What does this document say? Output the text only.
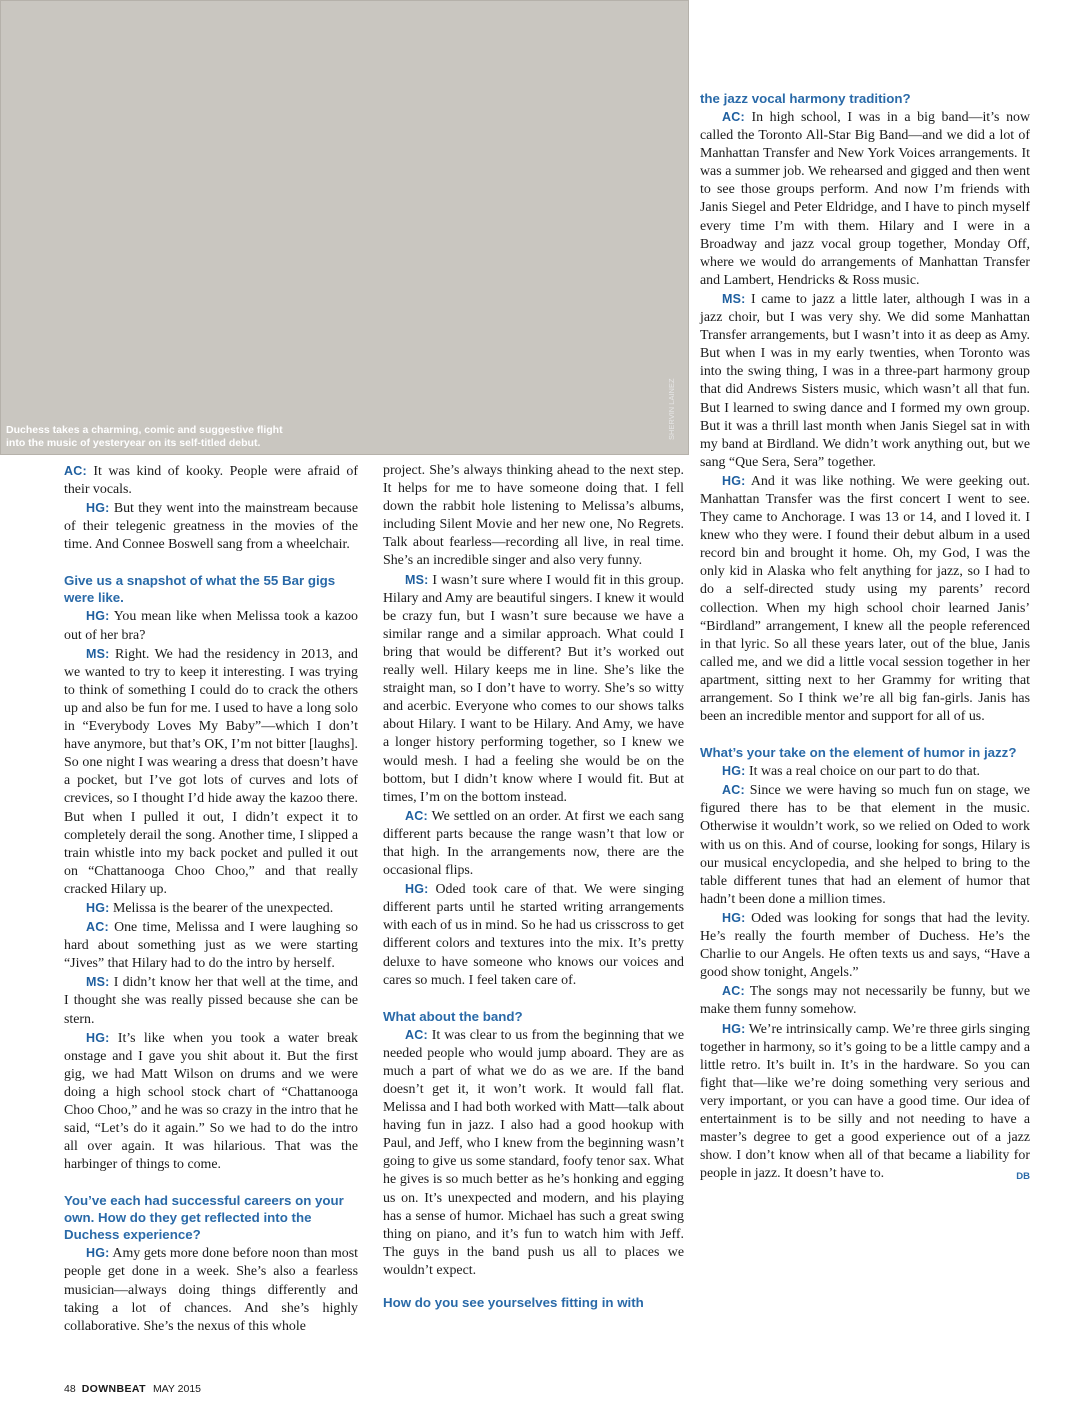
Duchess takes a charming, comic and suggestive flight into the music of yesteryear on its self-titled debut.
SHERVIN LAINEZ

AC: It was kind of kooky. People were afraid of their vocals.

HG: But they went into the mainstream because of their telegenic greatness in the movies of the time. And Connee Boswell sang from a wheelchair.

Give us a snapshot of what the 55 Bar gigs were like.

HG: You mean like when Melissa took a kazoo out of her bra?

MS: Right. We had the residency in 2013, and we wanted to try to keep it interesting. I was trying to think of something I could do to crack the others up and also be fun for me. I used to have a long solo in “Everybody Loves My Baby”—which I don’t have anymore, but that’s OK, I’m not bitter [laughs]. So one night I was wearing a dress that doesn’t have a pocket, but I’ve got lots of curves and lots of crevices, so I thought I’d hide away the kazoo there. But when I pulled it out, I didn’t expect it to completely derail the song. Another time, I slipped a train whistle into my back pocket and pulled it out on “Chattanooga Choo Choo,” and that really cracked Hilary up.

HG: Melissa is the bearer of the unexpected.

AC: One time, Melissa and I were laughing so hard about something just as we were starting “Jives” that Hilary had to do the intro by herself.

MS: I didn’t know her that well at the time, and I thought she was really pissed because she can be stern.

HG: It’s like when you took a water break onstage and I gave you shit about it. But the first gig, we had Matt Wilson on drums and we were doing a high school stock chart of “Chattanooga Choo Choo,” and he was so crazy in the intro that he said, “Let’s do it again.” So we had to do the intro all over again. It was hilarious. That was the harbinger of things to come.

You’ve each had successful careers on your own. How do they get reflected into the Duchess experience?

HG: Amy gets more done before noon than most people get done in a week. She’s also a fearless musician—always doing things differently and taking a lot of chances. And she’s highly collaborative. She’s the nexus of this whole

project. She’s always thinking ahead to the next step. It helps for me to have someone doing that. I fell down the rabbit hole listening to Melissa’s albums, including Silent Movie and her new one, No Regrets. Talk about fearless—recording all live, in real time. She’s an incredible singer and also very funny.

MS: I wasn’t sure where I would fit in this group. Hilary and Amy are beautiful singers. I knew it would be crazy fun, but I wasn’t sure because we have a similar range and a similar approach. What could I bring that would be different? But it’s worked out really well. Hilary keeps me in line. She’s like the straight man, so I don’t have to worry. She’s so witty and acerbic. Everyone who comes to our shows talks about Hilary. I want to be Hilary. And Amy, we have a longer history performing together, so I knew we would mesh. I had a feeling she would be on the bottom, but I didn’t know where I would fit. But at times, I’m on the bottom instead.

AC: We settled on an order. At first we each sang different parts because the range wasn’t that low or that high. In the arrangements now, there are the occasional flips.

HG: Oded took care of that. We were singing different parts until he started writing arrangements with each of us in mind. So he had us crisscross to get different colors and textures into the mix. It’s pretty deluxe to have someone who knows our voices and cares so much. I feel taken care of.

What about the band?

AC: It was clear to us from the beginning that we needed people who would jump aboard. They are as much a part of what we do as we are. If the band doesn’t get it, it won’t work. It would fall flat. Melissa and I had both worked with Matt—talk about having fun in jazz. I also had a good hookup with Paul, and Jeff, who I knew from the beginning wasn’t going to give us some standard, foofy tenor sax. What he gives is so much better as he’s honking and egging us on. It’s unexpected and modern, and his playing has a sense of humor. Michael has such a great swing thing on piano, and it’s fun to watch him with Jeff. The guys in the band push us all to places we wouldn’t expect.

How do you see yourselves fitting in with
the jazz vocal harmony tradition?

AC: In high school, I was in a big band—it’s now called the Toronto All-Star Big Band—and we did a lot of Manhattan Transfer and New York Voices arrangements. It was a summer job. We rehearsed and gigged and then went to see those groups perform. And now I’m friends with Janis Siegel and Peter Eldridge, and I have to pinch myself every time I’m with them. Hilary and I were in a Broadway and jazz vocal group together, Monday Off, where we would do arrangements of Manhattan Transfer and Lambert, Hendricks & Ross music.

MS: I came to jazz a little later, although I was in a jazz choir, but I was very shy. We did some Manhattan Transfer arrangements, but I wasn’t into it as deep as Amy. But when I was in my early twenties, when Toronto was into the swing thing, I was in a three-part harmony group that did Andrews Sisters music, which wasn’t all that fun. But I learned to swing dance and I formed my own group. But it was a thrill last month when Janis Siegel sat in with my band at Birdland. We didn’t work anything out, but we sang “Que Sera, Sera” together.

HG: And it was like nothing. We were geeking out. Manhattan Transfer was the first concert I went to see. They came to Anchorage. I was 13 or 14, and I loved it. I knew who they were. I found their debut album in a used record bin and brought it home. Oh, my God, I was the only kid in Alaska who felt anything for jazz, so I had to do a self-directed study using my parents’ record collection. When my high school choir learned Janis’ “Birdland” arrangement, I knew all the people referenced in that lyric. So all these years later, out of the blue, Janis called me, and we did a little vocal session together in her apartment, sitting next to her Grammy for writing that arrangement. So I think we’re all big fan-girls. Janis has been an incredible mentor and support for all of us.

What’s your take on the element of humor in jazz?

HG: It was a real choice on our part to do that.

AC: Since we were having so much fun on stage, we figured there has to be that element in the music. Otherwise it wouldn’t work, so we relied on Oded to work with us on this. And of course, looking for songs, Hilary is our musical encyclopedia, and she helped to bring to the table different tunes that had an element of humor that hadn’t been done a million times.

HG: Oded was looking for songs that had the levity. He’s really the fourth member of Duchess. He’s the Charlie to our Angels. He often texts us and says, “Have a good show tonight, Angels.”

AC: The songs may not necessarily be funny, but we make them funny somehow.

HG: We’re intrinsically camp. We’re three girls singing together in harmony, so it’s going to be a little campy and a little retro. It’s built in. It’s in the hardware. So you can fight that—like we’re doing something very serious and very important, or you can have a good time. Our idea of entertainment is to be silly and not needing to have a master’s degree to get a good experience out of a jazz show. I don’t know when all of that became a liability for people in jazz. It doesn’t have to.	DB

48 DOWNBEAT MAY 2015
